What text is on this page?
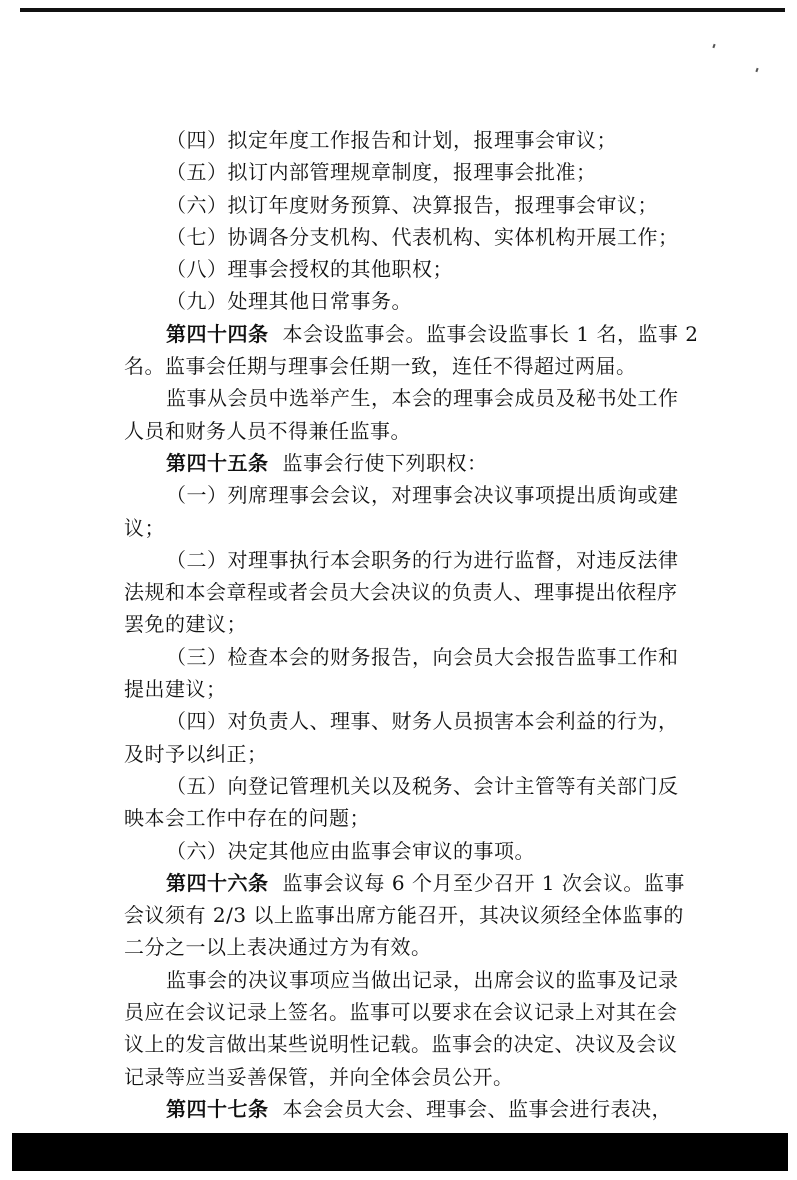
（四）拟定年度工作报告和计划，报理事会审议；
（五）拟订内部管理规章制度，报理事会批准；
（六）拟订年度财务预算、决算报告，报理事会审议；
（七）协调各分支机构、代表机构、实体机构开展工作；
（八）理事会授权的其他职权；
（九）处理其他日常事务。
第四十四条 本会设监事会。监事会设监事长 1 名，监事 2
名。监事会任期与理事会任期一致，连任不得超过两届。
监事从会员中选举产生，本会的理事会成员及秘书处工作
人员和财务人员不得兼任监事。
第四十五条 监事会行使下列职权：
（一）列席理事会会议，对理事会决议事项提出质询或建
议；
（二）对理事执行本会职务的行为进行监督，对违反法律
法规和本会章程或者会员大会决议的负责人、理事提出依程序
罢免的建议；
（三）检查本会的财务报告，向会员大会报告监事工作和
提出建议；
（四）对负责人、理事、财务人员损害本会利益的行为，
及时予以纠正；
（五）向登记管理机关以及税务、会计主管等有关部门反
映本会工作中存在的问题；
（六）决定其他应由监事会审议的事项。
第四十六条 监事会议每 6 个月至少召开 1 次会议。监事
会议须有 2/3 以上监事出席方能召开，其决议须经全体监事的
二分之一以上表决通过方为有效。
监事会的决议事项应当做出记录，出席会议的监事及记录
员应在会议记录上签名。监事可以要求在会议记录上对其在会
议上的发言做出某些说明性记载。监事会的决定、决议及会议
记录等应当妥善保管，并向全体会员公开。
第四十七条 本会会员大会、理事会、监事会进行表决，
